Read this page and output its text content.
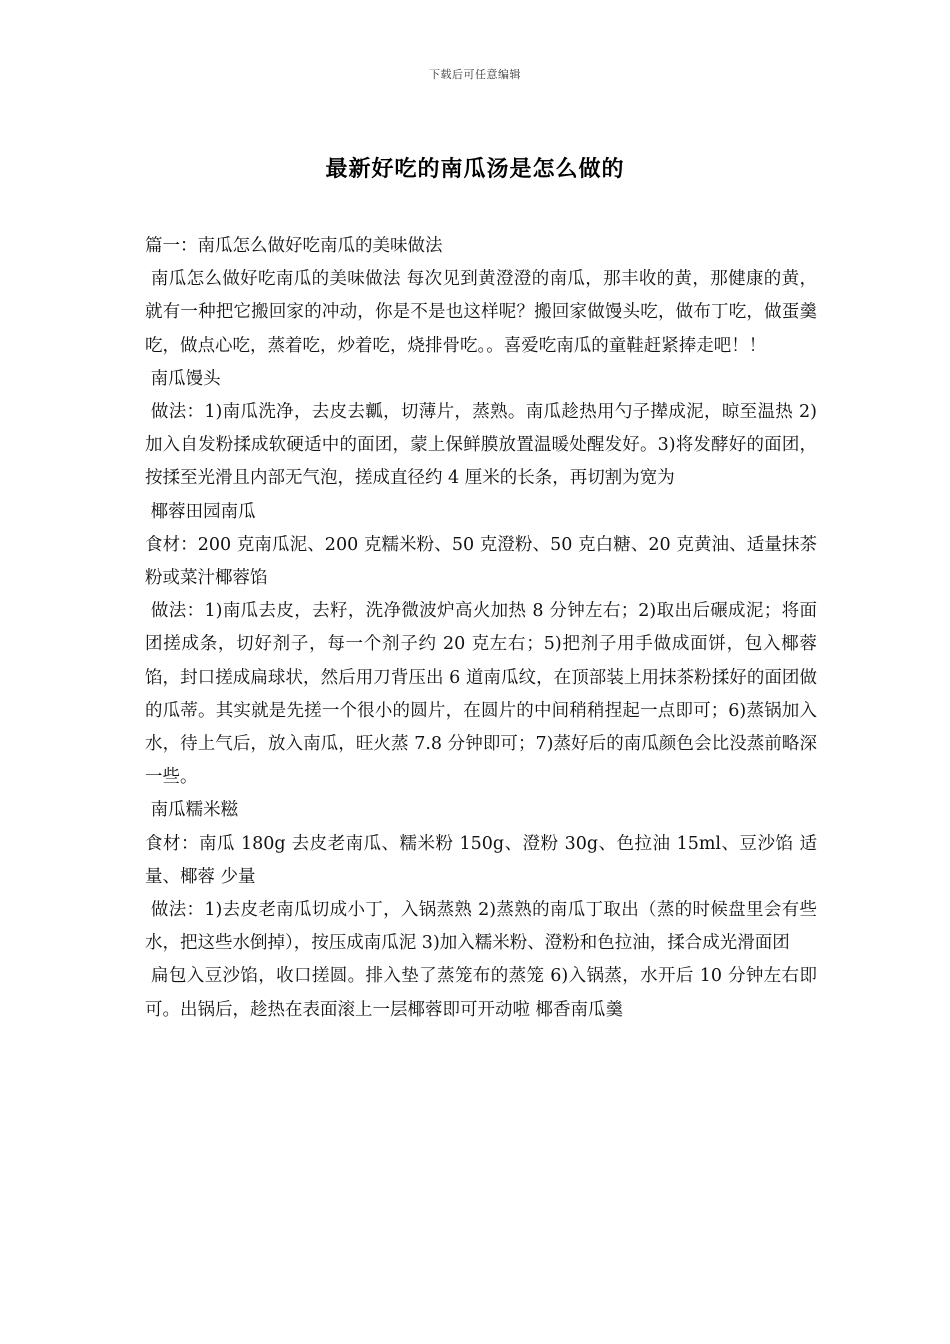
下载后可任意编辑
最新好吃的南瓜汤是怎么做的

篇一：南瓜怎么做好吃南瓜的美味做法

南瓜怎么做好吃南瓜的美味做法 每次见到黄澄澄的南瓜，那丰收的黄，那健康的黄，就有一种把它搬回家的冲动，你是不是也这样呢？搬回家做馒头吃，做布丁吃，做蛋羹吃，做点心吃，蒸着吃，炒着吃，烧排骨吃。。喜爱吃南瓜的童鞋赶紧捧走吧！！

南瓜馒头

做法：1)南瓜洗净，去皮去瓤，切薄片，蒸熟。南瓜趁热用勺子撵成泥，晾至温热 2)加入自发粉揉成软硬适中的面团，蒙上保鲜膜放置温暖处醒发好。3)将发酵好的面团，按揉至光滑且内部无气泡，搓成直径约 4 厘米的长条，再切割为宽为

椰蓉田园南瓜

食材：200 克南瓜泥、200 克糯米粉、50 克澄粉、50 克白糖、20 克黄油、适量抹茶粉或菜汁椰蓉馅

做法：1)南瓜去皮，去籽，洗净微波炉高火加热 8 分钟左右；2)取出后碾成泥；将面团搓成条，切好剂子，每一个剂子约 20 克左右；5)把剂子用手做成面饼，包入椰蓉馅，封口搓成扁球状，然后用刀背压出 6 道南瓜纹，在顶部装上用抹茶粉揉好的面团做的瓜蒂。其实就是先搓一个很小的圆片，在圆片的中间稍稍捏起一点即可；6)蒸锅加入水，待上气后，放入南瓜，旺火蒸 7.8 分钟即可；7)蒸好后的南瓜颜色会比没蒸前略深一些。

南瓜糯米糍

食材：南瓜 180g 去皮老南瓜、糯米粉 150g、澄粉 30g、色拉油 15ml、豆沙馅 适量、椰蓉 少量

做法：1)去皮老南瓜切成小丁，入锅蒸熟 2)蒸熟的南瓜丁取出（蒸的时候盘里会有些水，把这些水倒掉），按压成南瓜泥 3)加入糯米粉、澄粉和色拉油，揉合成光滑面团

扁包入豆沙馅，收口搓圆。排入垫了蒸笼布的蒸笼 6)入锅蒸，水开后 10 分钟左右即可。出锅后，趁热在表面滚上一层椰蓉即可开动啦 椰香南瓜羹
